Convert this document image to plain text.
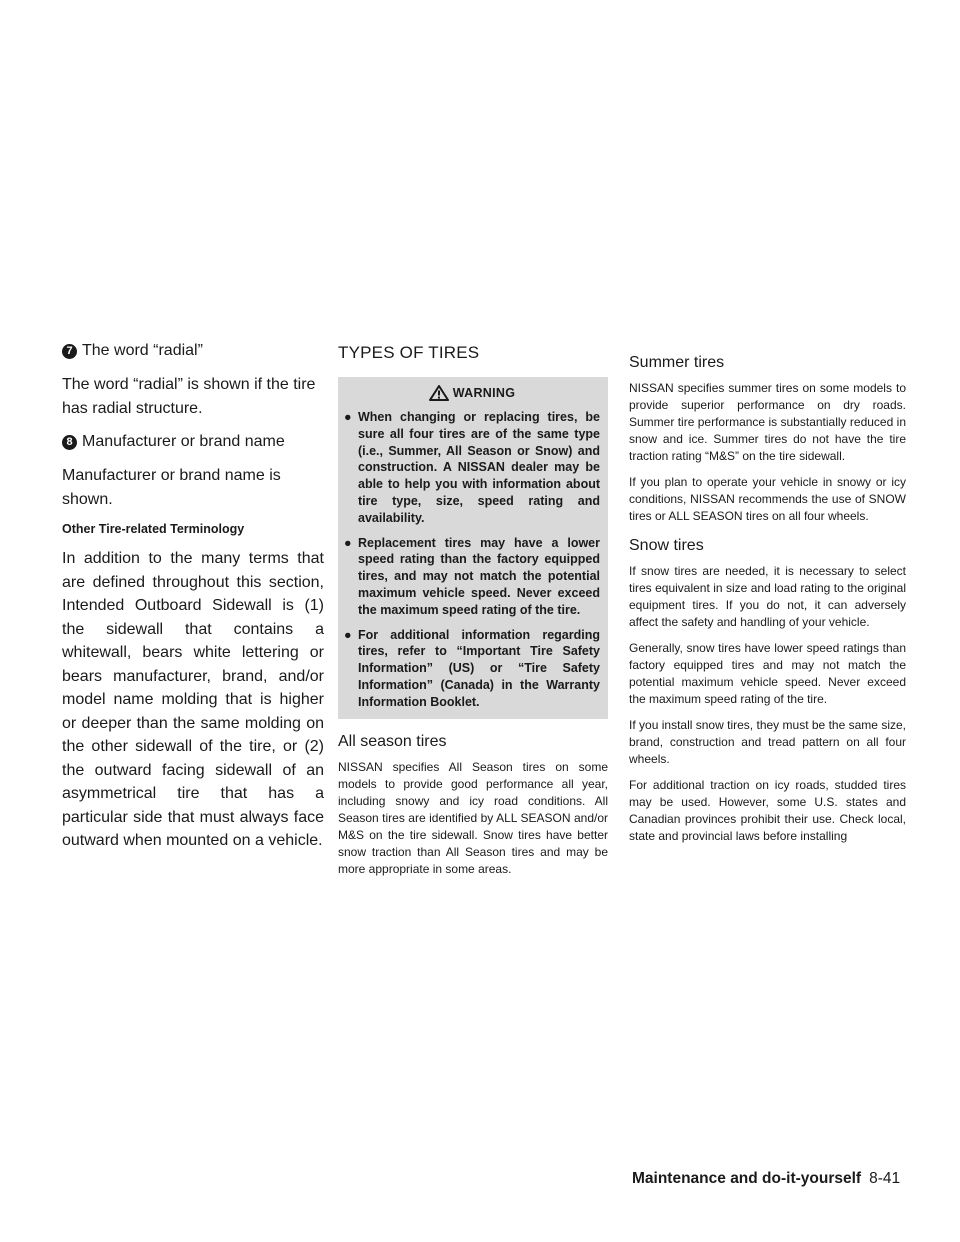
7 The word “radial”

The word “radial” is shown if the tire has radial structure.

8 Manufacturer or brand name

Manufacturer or brand name is shown.

Other Tire-related Terminology

In addition to the many terms that are defined throughout this section, Intended Outboard Sidewall is (1) the sidewall that contains a whitewall, bears white lettering or bears manufacturer, brand, and/or model name molding that is higher or deeper than the same molding on the other sidewall of the tire, or (2) the outward facing sidewall of an asymmetrical tire that has a particular side that must always face outward when mounted on a vehicle.

TYPES OF TIRES
WARNING
● When changing or replacing tires, be sure all four tires are of the same type (i.e., Summer, All Season or Snow) and construction. A NISSAN dealer may be able to help you with information about tire type, size, speed rating and availability.
● Replacement tires may have a lower speed rating than the factory equipped tires, and may not match the potential maximum vehicle speed. Never exceed the maximum speed rating of the tire.
● For additional information regarding tires, refer to “Important Tire Safety Information” (US) or “Tire Safety Information” (Canada) in the Warranty Information Booklet.
All season tires

NISSAN specifies All Season tires on some models to provide good performance all year, including snowy and icy road conditions. All Season tires are identified by ALL SEASON and/or M&S on the tire sidewall. Snow tires have better snow traction than All Season tires and may be more appropriate in some areas.

Summer tires

NISSAN specifies summer tires on some models to provide superior performance on dry roads. Summer tire performance is substantially reduced in snow and ice. Summer tires do not have the tire traction rating “M&S” on the tire sidewall.

If you plan to operate your vehicle in snowy or icy conditions, NISSAN recommends the use of SNOW tires or ALL SEASON tires on all four wheels.

Snow tires

If snow tires are needed, it is necessary to select tires equivalent in size and load rating to the original equipment tires. If you do not, it can adversely affect the safety and handling of your vehicle.

Generally, snow tires have lower speed ratings than factory equipped tires and may not match the potential maximum vehicle speed. Never exceed the maximum speed rating of the tire.

If you install snow tires, they must be the same size, brand, construction and tread pattern on all four wheels.

For additional traction on icy roads, studded tires may be used. However, some U.S. states and Canadian provinces prohibit their use. Check local, state and provincial laws before installing

Maintenance and do-it-yourself 8-41
